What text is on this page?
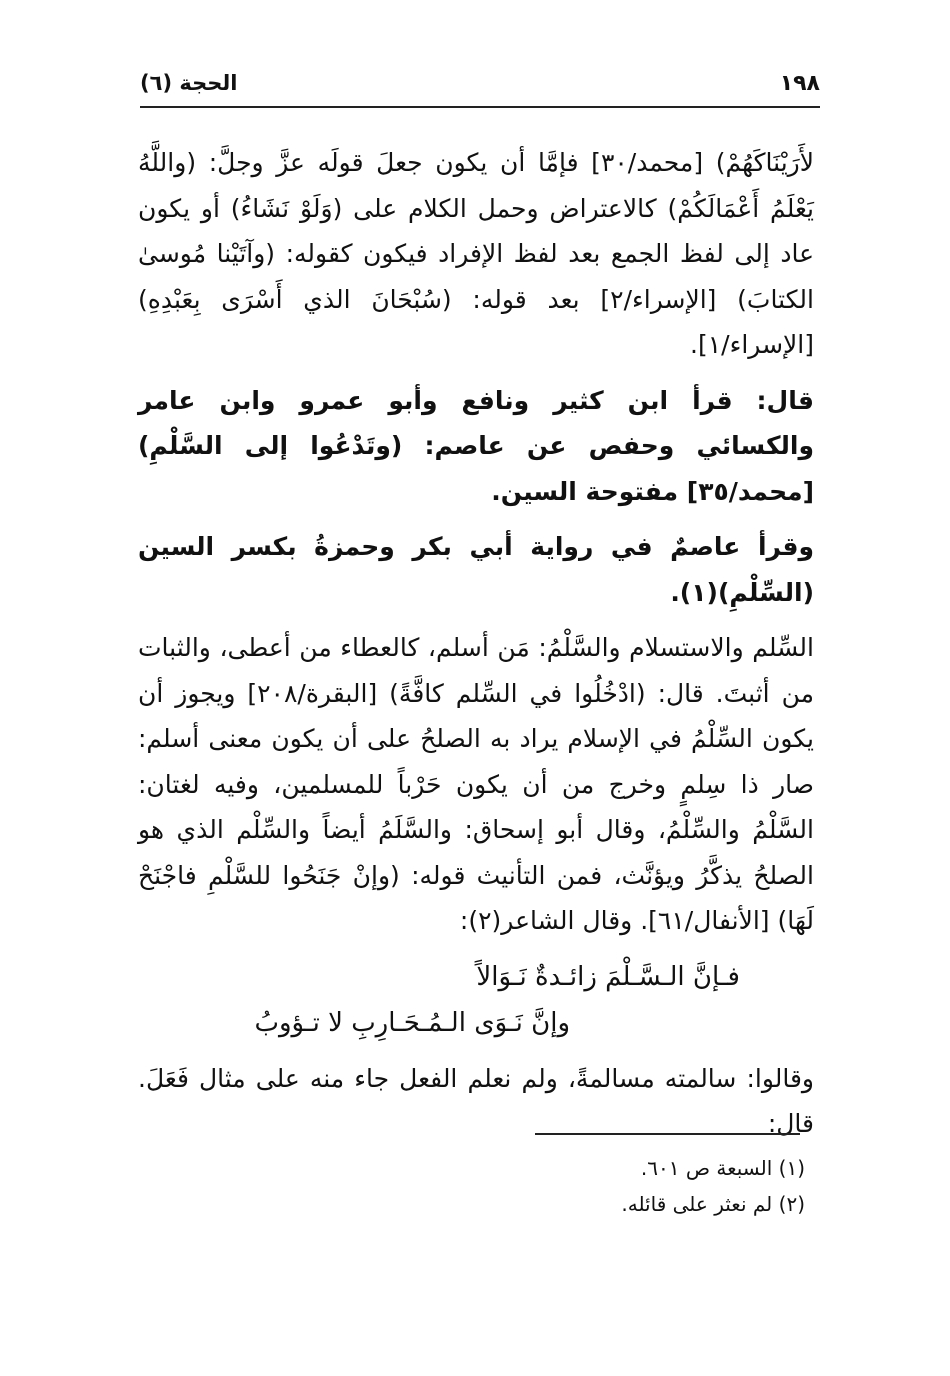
١٩٨
الحجة (٦)

لأَرَيْنَاكَهُمْ) [محمد/٣٠] فإمَّا أن يكون جعلَ قولَه عزَّ وجلَّ: (واللَّهُ يَعْلَمُ أَعْمَالَكُمْ) كالاعتراض وحمل الكلام على (وَلَوْ نَشَاءُ) أو يكون عاد إلى لفظ الجمع بعد لفظ الإفراد فيكون كقوله: (وآتَيْنا مُوسىٰ الكتابَ) [الإسراء/٢] بعد قوله: (سُبْحَانَ الذي أَسْرَى بِعَبْدِهِ) [الإسراء/١].

قال: قرأ ابن كثير ونافع وأبو عمرو وابن عامر والكسائي وحفص عن عاصم: (وتَدْعُوا إلى السَّلْمِ) [محمد/٣٥] مفتوحة السين.

وقرأ عاصمٌ في رواية أبي بكر وحمزةُ بكسر السين (السِّلْمِ)(١).

السِّلم والاستسلام والسَّلْمُ: مَن أسلم، كالعطاء من أعطى، والثبات من أثبتَ. قال: (ادْخُلُوا في السِّلم كافَّةً) [البقرة/٢٠٨] ويجوز أن يكون السِّلْمُ في الإسلام يراد به الصلحُ على أن يكون معنى أسلم: صار ذا سِلمٍ وخرج من أن يكون حَرْباً للمسلمين، وفيه لغتان: السَّلْمُ والسِّلْمُ، وقال أبو إسحاق: والسَّلَمُ أيضاً والسِّلْم الذي هو الصلحُ يذكَّرُ ويؤنَّث، فمن التأنيث قوله: (وإنْ جَنَحُوا للسَّلْمِ فاجْنَحْ لَهَا) [الأنفال/٦١]. وقال الشاعر(٢):

فـإنَّ الـسَّـلْمَ زائـدةٌ نَـوَالاً
وإنَّ نَـوَى الـمُـحَـارِبِ لا تـؤوبُ

وقالوا: سالمته مسالمةً، ولم نعلم الفعل جاء منه على مثال فَعَلَ. قال:

(١) السبعة ص ٦٠١.
(٢) لم نعثر على قائله.
